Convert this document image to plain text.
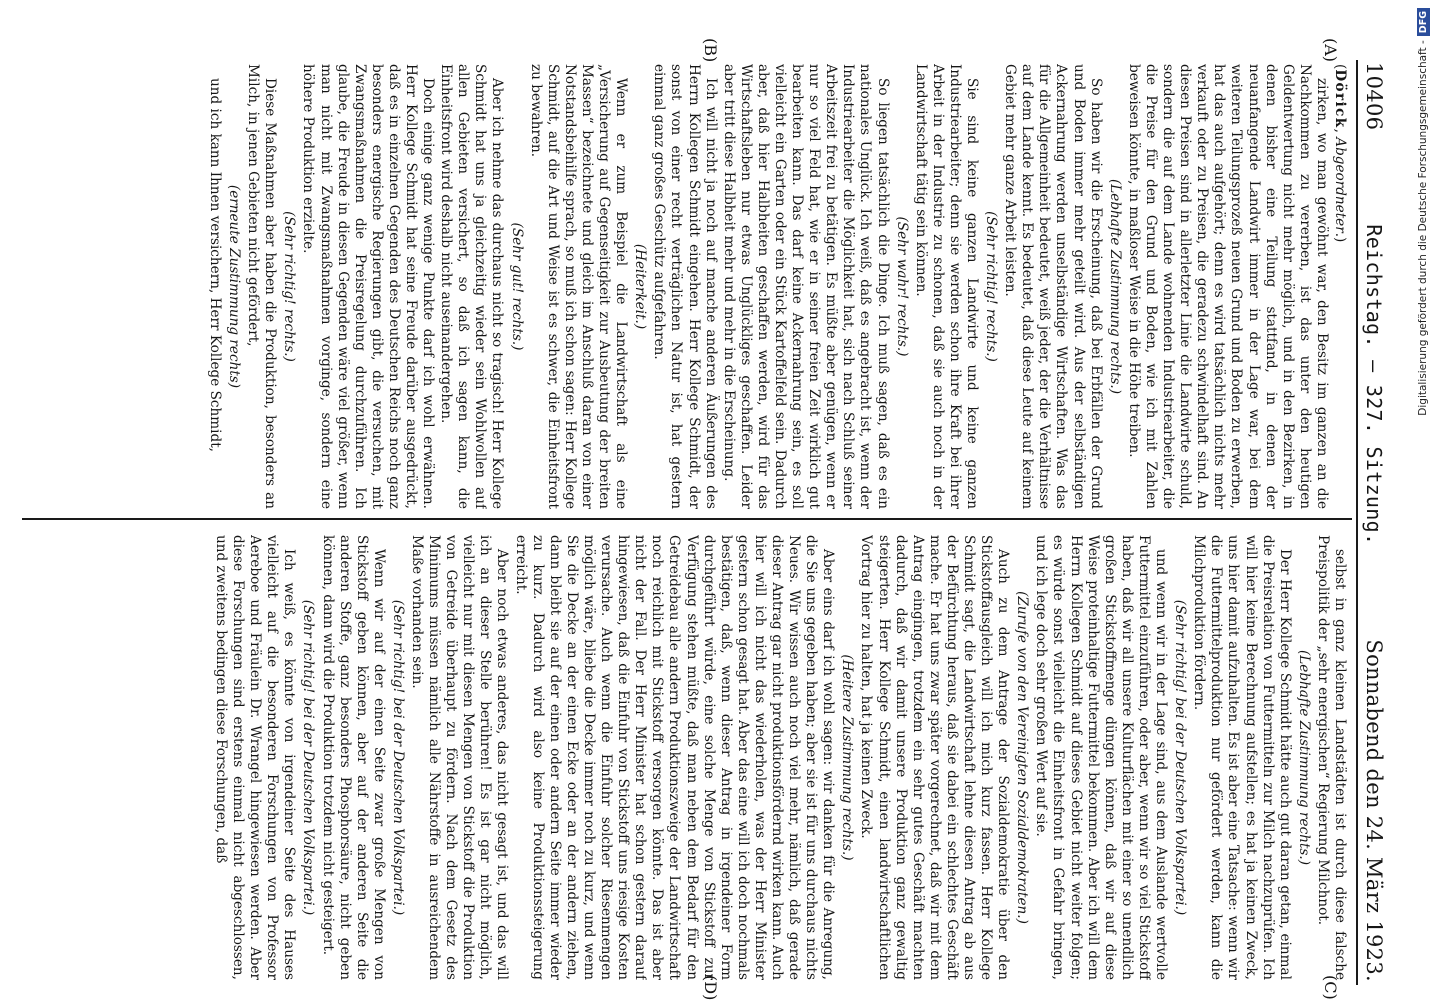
10406
Reichstag. — 327. Sitzung.
Sonnabend den 24. März 1923.
(A)
(B)
(C)
(D)

(Dörick, Abgeordneter.)

zirken, wo man gewöhnt war, den Besitz im ganzen an die Nachkommen zu vererben, ist das unter den heutigen Geldentwertung nicht mehr möglich, und in den Bezirken, in denen bisher eine Teilung stattfand, in denen der neuanfangende Landwirt immer in der Lage war, bei dem weiteren Teilungsprozeß neuen Grund und Boden zu erwerben, hat das auch aufgehört; denn es wird tatsächlich nichts mehr verkauft oder zu Preisen, die geradezu schwindelhaft sind. An diesen Preisen sind in allerletzter Linie die Landwirte schuld, sondern die auf dem Lande wohnenden Industriearbeiter, die die Preise für den Grund und Boden, wie ich mit Zahlen beweisen könnte, in maßloser Weise in die Höhe treiben.

(Lebhafte Zustimmung rechts.)

So haben wir die Erscheinung, daß bei Erbfällen der Grund und Boden immer mehr geteilt wird. Aus der selbständigen Ackernahrung werden unselbständige Wirtschaften. Was das für die Allgemeinheit bedeutet, weiß jeder, der die Verhältnisse auf dem Lande kennt. Es bedeutet, daß diese Leute auf keinem Gebiet mehr ganze Arbeit leisten.

(Sehr richtig! rechts.)

Sie sind keine ganzen Landwirte und keine ganzen Industriearbeiter; denn sie werden schon ihre Kraft bei ihrer Arbeit in der Industrie zu schonen, daß sie auch noch in der Landwirtschaft tätig sein können.

(Sehr wahr! rechts.)

So liegen tatsächlich die Dinge. Ich muß sagen, daß es ein nationales Unglück. Ich weiß, daß es angebracht ist, wenn der Industriearbeiter die Möglichkeit hat, sich nach Schluß seiner Arbeitszeit frei zu betätigen. Es müßte aber genügen, wenn er nur so viel Feld hat, wie er in seiner freien Zeit wirklich gut bearbeiten kann. Das darf keine Ackernahrung sein, es soll vielleicht ein Garten oder ein Stück Kartoffelfeld sein. Dadurch aber, daß hier Halbheiten geschaffen werden, wird für das Wirtschaftsleben nur etwas Unglückliges geschaffen. Leider aber tritt diese Halbheit mehr und mehr in die Erscheinung.

Ich will nicht ja noch auf manche anderen Äußerungen des Herrn Kollegen Schmidt eingehen. Herr Kollege Schmidt, der sonst von einer recht verträglichen Natur ist, hat gestern einmal ganz großes Geschütz aufgefahren.

(Heiterkeit.)

Wenn er zum Beispiel die Landwirtschaft als eine „Versicherung auf Gegenseitigkeit zur Ausbeutung der breiten Massen“ bezeichnete und gleich im Anschluß daran von einer Notstandsbeihilfe sprach, so muß ich schon sagen: Herr Kollege Schmidt, auf die Art und Weise ist es schwer, die Einheitsfront zu bewahren.

(Sehr gut! rechts.)

Aber ich nehme das durchaus nicht so tragisch! Herr Kollege Schmidt hat uns ja gleichzeitig wieder sein Wohlwollen auf allen Gebieten versichert, so daß ich sagen kann, die Einheitsfront wird deshalb nicht auseinandergehen.

Doch einige ganz wenige Punkte darf ich wohl erwähnen. Herr Kollege Schmidt hat seine Freude darüber ausgedrückt, daß es in einzelnen Gegenden des Deutschen Reichs noch ganz besonders energische Regierungen gibt, die versuchen, mit Zwangsmaßnahmen die Preisregelung durchzuführen. Ich glaube, die Freude in diesen Gegenden wäre viel größer, wenn man nicht mit Zwangsmaßnahmen vorginge, sondern eine höhere Produktion erzielte.

(Sehr richtig! rechts.)

Diese Maßnahmen aber haben die Produktion, besonders an Milch, in jenen Gebieten nicht gefördert,

(erneute Zustimmung rechts)

und ich kann Ihnen versichern, Herr Kollege Schmidt,

selbst in ganz kleinen Landstädten ist durch diese falsche Preispolitik der „sehr energischen“ Regierung Milchnot.

(Lebhafte Zustimmung rechts.)

Der Herr Kollege Schmidt hätte auch gut daran getan, einmal die Preisrelation von Futtermitteln zur Milch nachzuprüfen. Ich will hier keine Berechnung aufstellen; es hat ja keinen Zweck, uns hier damit aufzuhalten. Es ist aber eine Tatsache: wenn wir die Futtermittelproduktion nur gefördert werden, kann die Milchproduktion fördern.

(Sehr richtig! bei der Deutschen Volkspartei.)

und wenn wir in der Lage sind, aus dem Auslande wertvolle Futtermittel einzuführen, oder aber, wenn wir so viel Stickstoff haben, daß wir all unsere Kulturflächen mit einer so unendlich großen Stickstoffmenge düngen können, daß wir auf diese Weise proteinhaltige Futtermittel bekommen. Aber ich will dem Herrn Kollegen Schmidt auf dieses Gebiet nicht weiter folgen; es würde sonst vielleicht die Einheitsfront in Gefahr bringen, und ich lege doch sehr großen Wert auf sie.

(Zurufe von den Vereinigten Sozialdemokraten.)

Auch zu dem Antrage der Sozialdemokratie über den Stickstoffausgleich will ich mich kurz fassen. Herr Kollege Schmidt sagt, die Landwirtschaft lehne diesen Antrag ab aus der Befürchtung heraus, daß sie dabei ein schlechtes Geschäft mache. Er hat uns zwar später vorgerechnet, daß wir mit dem Antrag eingingen, trotzdem ein sehr gutes Geschäft machten dadurch, daß wir damit unsere Produktion ganz gewaltig steigerten. Herr Kollege Schmidt, einen landwirtschaftlichen Vortrag hier zu halten, hat ja keinen Zweck.

(Heitere Zustimmung rechts.)

Aber eins darf ich wohl sagen: wir danken für die Anregung, die Sie uns gegeben haben; aber sie ist für uns durchaus nichts Neues. Wir wissen auch noch viel mehr, nämlich, daß gerade dieser Antrag gar nicht produktionsfördernd wirken kann. Auch hier will ich nicht das wiederholen, was der Herr Minister gestern schon gesagt hat. Aber das eine will ich doch nochmals bestätigen, daß, wenn dieser Antrag in irgendeiner Form durchgeführt würde, eine solche Menge von Stickstoff zur Verfügung stehen müßte, daß man neben dem Bedarf für den Getreidebau alle andern Produktionszweige der Landwirtschaft noch reichlich mit Stickstoff versorgen könnte. Das ist aber nicht der Fall. Der Herr Minister hat schon gestern darauf hingewiesen, daß die Einfuhr von Stickstoff uns riesige Kosten verursache. Auch wenn die Einfuhr solcher Riesenmengen möglich wäre, bliebe die Decke immer noch zu kurz, und wenn Sie die Decke an der einen Ecke oder an der andern ziehen, dann bleibt sie auf der einen oder andern Seite immer wieder zu kurz. Dadurch wird also keine Produktionssteigerung erreicht.

Aber noch etwas anderes, das nicht gesagt ist, und das will ich an dieser Stelle berühren! Es ist gar nicht möglich, vielleicht nur mit diesen Mengen von Stickstoff die Produktion von Getreide überhaupt zu fördern. Nach dem Gesetz des Minimums müssen nämlich alle Nährstoffe in ausreichendem Maße vorhanden sein.

(Sehr richtig! bei der Deutschen Volkspartei.)

Wenn wir auf der einen Seite zwar große Mengen von Stickstoff geben können, aber auf der anderen Seite die anderen Stoffe, ganz besonders Phosphorsäure, nicht geben können, dann wird die Produktion trotzdem nicht gesteigert.

(Sehr richtig! bei der Deutschen Volkspartei.)

Ich weiß, es könnte von irgendeiner Seite des Hauses vielleicht auf die besonderen Forschungen von Professor Aereboe und Fräulein Dr. Wrangel hingewiesen werden. Aber diese Forschungen sind erstens einmal nicht abgeschlossen, und zweitens bedingen diese Forschungen, daß

Digitalisierung gefördert durch die Deutsche Forschungsgemeinschaft -
DFG
